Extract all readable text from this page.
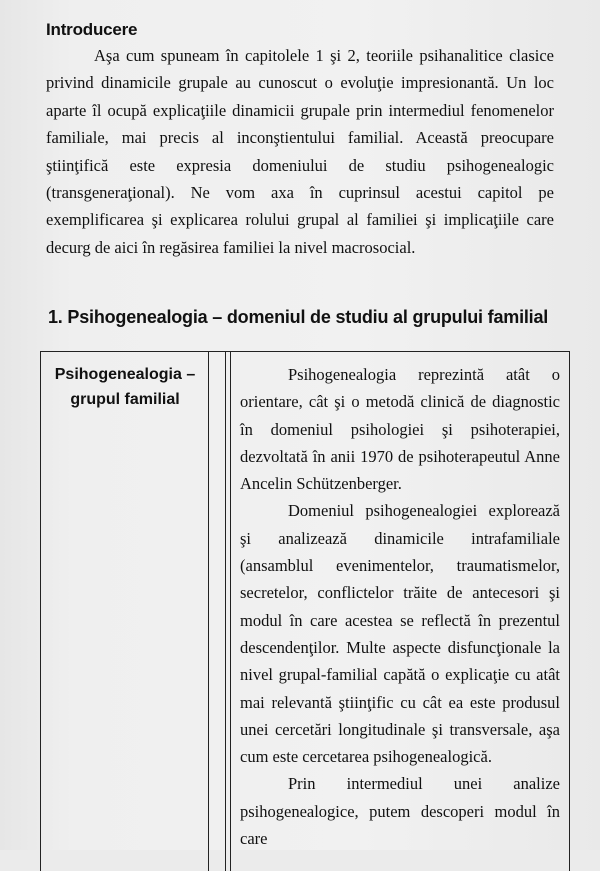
Introducere

Aşa cum spuneam în capitolele 1 şi 2, teoriile psihanalitice clasice privind dinamicile grupale au cunoscut o evoluţie impresionantă. Un loc aparte îl ocupă explicaţiile dinamicii grupale prin intermediul fenomenelor familiale, mai precis al inconştientului familial. Această preocupare ştiinţifică este expresia domeniului de studiu psihogenealogic (transgeneraţional). Ne vom axa în cuprinsul acestui capitol pe exemplificarea şi explicarea rolului grupal al familiei şi implicaţiile care decurg de aici în regăsirea familiei la nivel macrosocial.

1. Psihogenealogia – domeniul de studiu al grupului familial

Psihogenealogia – grupul familial

Psihogenealogia reprezintă atât o orientare, cât şi o metodă clinică de diagnostic în domeniul psihologiei şi psihoterapiei, dezvoltată în anii 1970 de psihoterapeutul Anne Ancelin Schützenberger.

Domeniul psihogenealogiei explorează şi analizează dinamicile intrafamiliale (ansamblul evenimentelor, traumatismelor, secretelor, conflictelor trăite de antecesori şi modul în care acestea se reflectă în prezentul descendenţilor. Multe aspecte disfuncţionale la nivel grupal-familial capătă o explicaţie cu atât mai relevantă ştiinţific cu cât ea este produsul unei cercetări longitudinale şi transversale, aşa cum este cercetarea psihogenealogică.

Prin intermediul unei analize psihogenealogice, putem descoperi modul în care
